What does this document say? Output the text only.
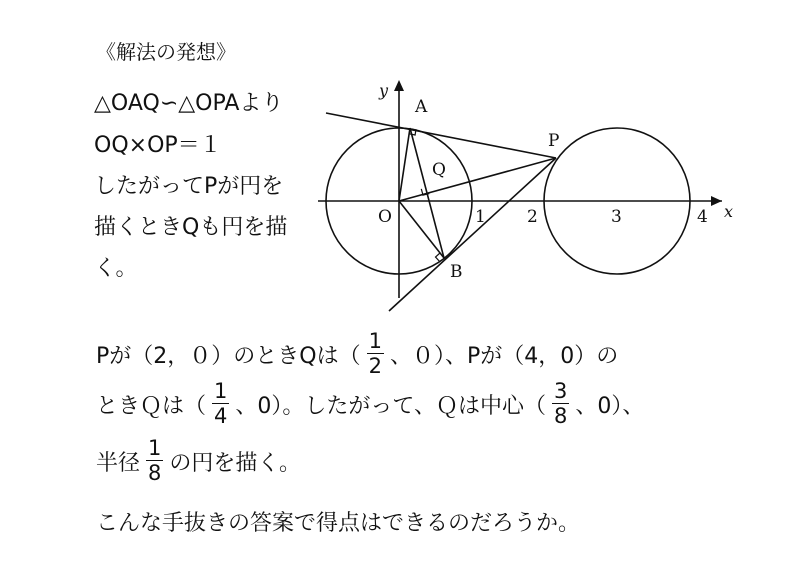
《解法の発想》
△OAQ∽△OPAより
OQ×OP＝１
したがってPが円を
描くときQも円を描
く。
x
y
A
P
Q
B
O	1 2	3	4
Pが（2，０）のときQは（ $\frac{1}{2}$ 、０）、Pが（4，0）の
ときＱは（ $\frac{1}{4}$ 、0）。したがって、Ｑは中心（ $\frac{3}{8}$ 、0）、
半径 $\frac{1}{8}$ の円を描く。
こんな手抜きの答案で得点はできるのだろうか。
